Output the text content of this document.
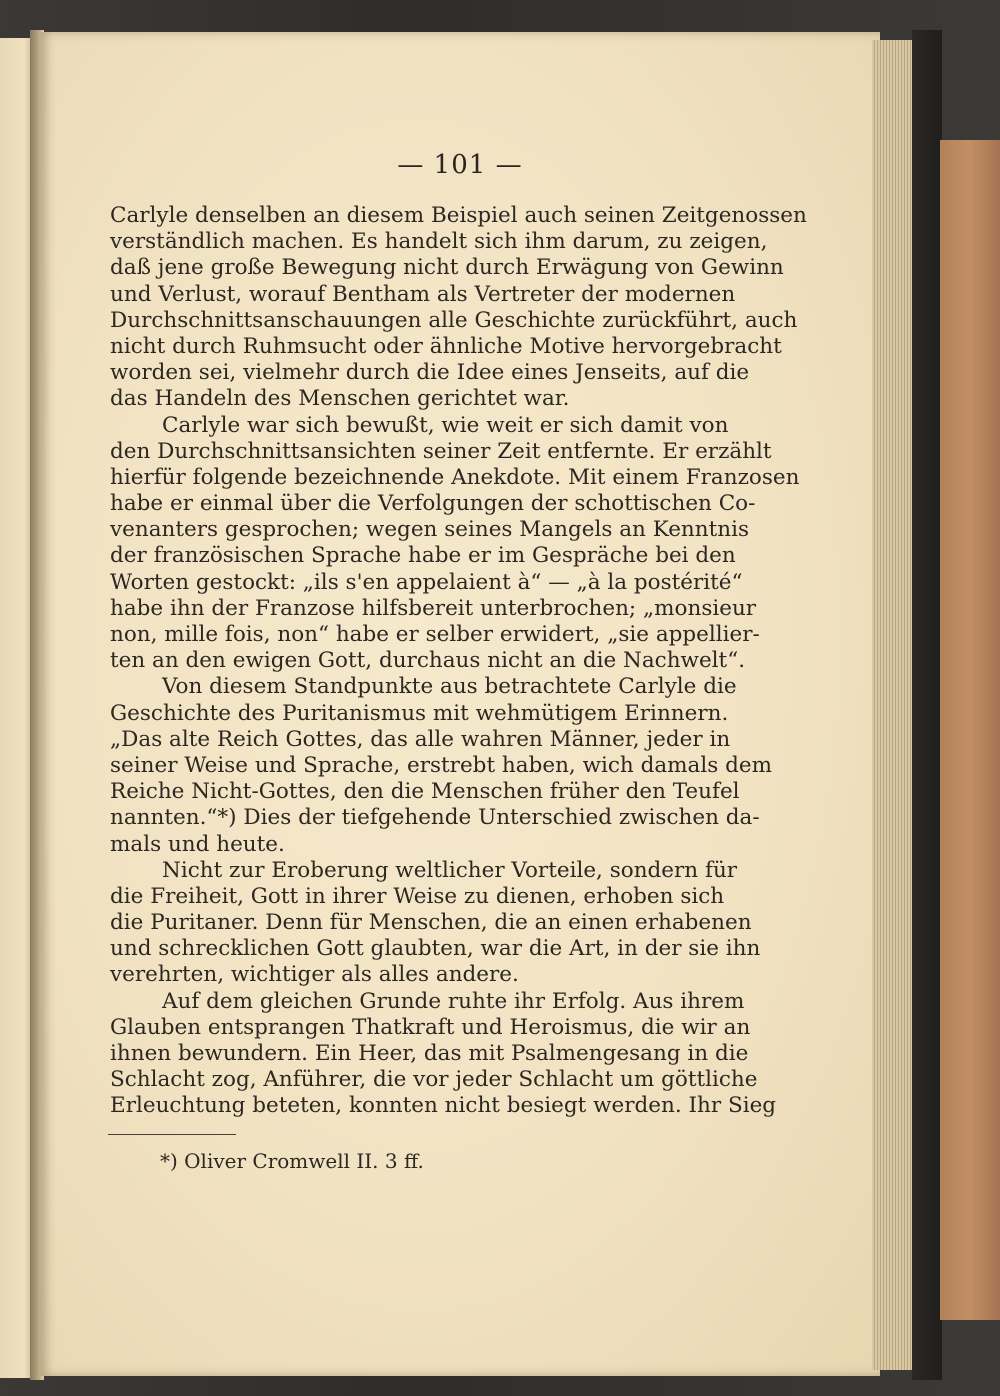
— 101 —
Carlyle denselben an diesem Beispiel auch seinen Zeitgenossen
verständlich machen. Es handelt sich ihm darum, zu zeigen,
daß jene große Bewegung nicht durch Erwägung von Gewinn
und Verlust, worauf Bentham als Vertreter der modernen
Durchschnittsanschauungen alle Geschichte zurückführt, auch
nicht durch Ruhmsucht oder ähnliche Motive hervorgebracht
worden sei, vielmehr durch die Idee eines Jenseits, auf die
das Handeln des Menschen gerichtet war.
Carlyle war sich bewußt, wie weit er sich damit von
den Durchschnittsansichten seiner Zeit entfernte. Er erzählt
hierfür folgende bezeichnende Anekdote. Mit einem Franzosen
habe er einmal über die Verfolgungen der schottischen Co-
venanters gesprochen; wegen seines Mangels an Kenntnis
der französischen Sprache habe er im Gespräche bei den
Worten gestockt: „ils s'en appelaient à“ — „à la postérité“
habe ihn der Franzose hilfsbereit unterbrochen; „monsieur
non, mille fois, non“ habe er selber erwidert, „sie appellier-
ten an den ewigen Gott, durchaus nicht an die Nachwelt“.
Von diesem Standpunkte aus betrachtete Carlyle die
Geschichte des Puritanismus mit wehmütigem Erinnern.
„Das alte Reich Gottes, das alle wahren Männer, jeder in
seiner Weise und Sprache, erstrebt haben, wich damals dem
Reiche Nicht-Gottes, den die Menschen früher den Teufel
nannten.“*) Dies der tiefgehende Unterschied zwischen da-
mals und heute.
Nicht zur Eroberung weltlicher Vorteile, sondern für
die Freiheit, Gott in ihrer Weise zu dienen, erhoben sich
die Puritaner. Denn für Menschen, die an einen erhabenen
und schrecklichen Gott glaubten, war die Art, in der sie ihn
verehrten, wichtiger als alles andere.
Auf dem gleichen Grunde ruhte ihr Erfolg. Aus ihrem
Glauben entsprangen Thatkraft und Heroismus, die wir an
ihnen bewundern. Ein Heer, das mit Psalmengesang in die
Schlacht zog, Anführer, die vor jeder Schlacht um göttliche
Erleuchtung beteten, konnten nicht besiegt werden. Ihr Sieg
*) Oliver Cromwell II. 3 ff.
